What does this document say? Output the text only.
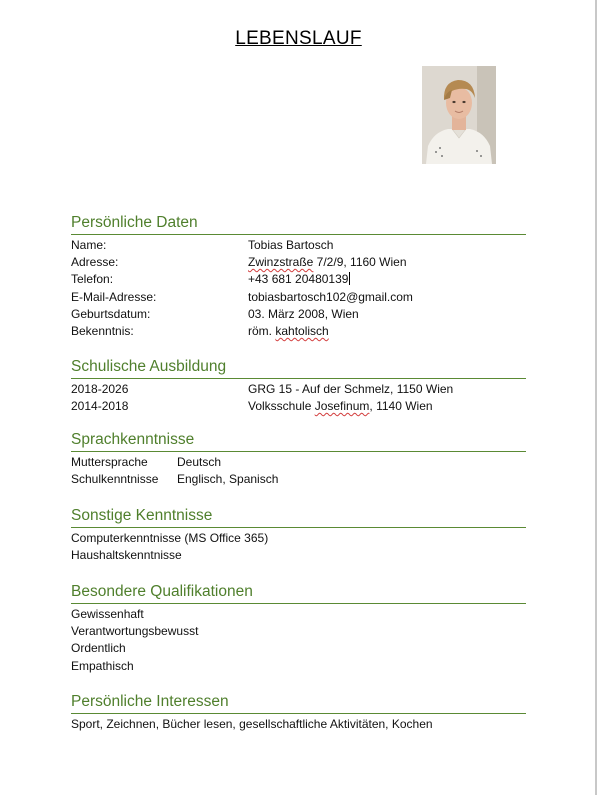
LEBENSLAUF
Persönliche Daten
Name:	Tobias Bartosch
Adresse:	Zwinzstraße 7/2/9, 1160 Wien
Telefon:	+43 681 20480139
E-Mail-Adresse:	tobiasbartosch102@gmail.com
Geburtsdatum:	03. März 2008, Wien
Bekenntnis:	röm. kahtolisch
Schulische Ausbildung
2018-2026	GRG 15 - Auf der Schmelz, 1150 Wien
2014-2018	Volksschule Josefinum, 1140 Wien
Sprachkenntnisse
Muttersprache Deutsch
Schulkenntnisse Englisch, Spanisch
Sonstige Kenntnisse
Computerkenntnisse (MS Office 365)
Haushaltskenntnisse
Besondere Qualifikationen
Gewissenhaft
Verantwortungsbewusst
Ordentlich
Empathisch
Persönliche Interessen
Sport, Zeichnen, Bücher lesen, gesellschaftliche Aktivitäten, Kochen
